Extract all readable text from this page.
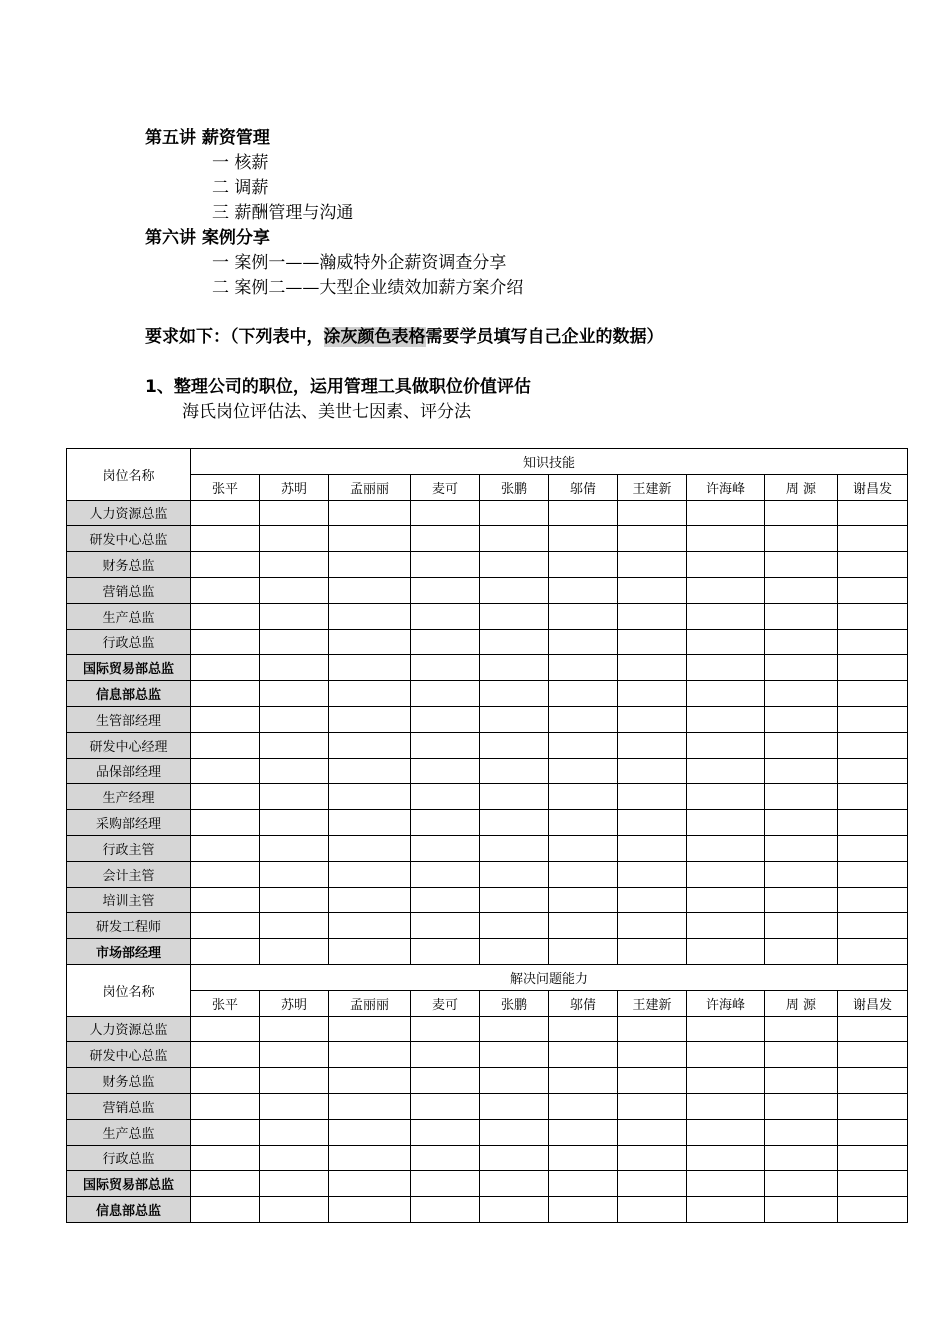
第五讲 薪资管理
一 核薪
二 调薪
三 薪酬管理与沟通
第六讲 案例分享
一 案例一——瀚威特外企薪资调查分享
二 案例二——大型企业绩效加薪方案介绍
要求如下：（下列表中，涂灰颜色表格需要学员填写自己企业的数据）
1、整理公司的职位，运用管理工具做职位价值评估
海氏岗位评估法、美世七因素、评分法
岗位名称	知识技能									
	张平	苏明	孟丽丽	麦可	张鹏	邬倩	王建新	许海峰	周 源	谢昌发
人力资源总监										
研发中心总监										
财务总监										
营销总监										
生产总监										
行政总监										
国际贸易部总监										
信息部总监										
生管部经理										
研发中心经理										
品保部经理										
生产经理										
采购部经理										
行政主管										
会计主管										
培训主管										
研发工程师										
市场部经理										
岗位名称	解决问题能力									
	张平	苏明	孟丽丽	麦可	张鹏	邬倩	王建新	许海峰	周 源	谢昌发
人力资源总监										
研发中心总监										
财务总监										
营销总监										
生产总监										
行政总监										
国际贸易部总监										
信息部总监										
